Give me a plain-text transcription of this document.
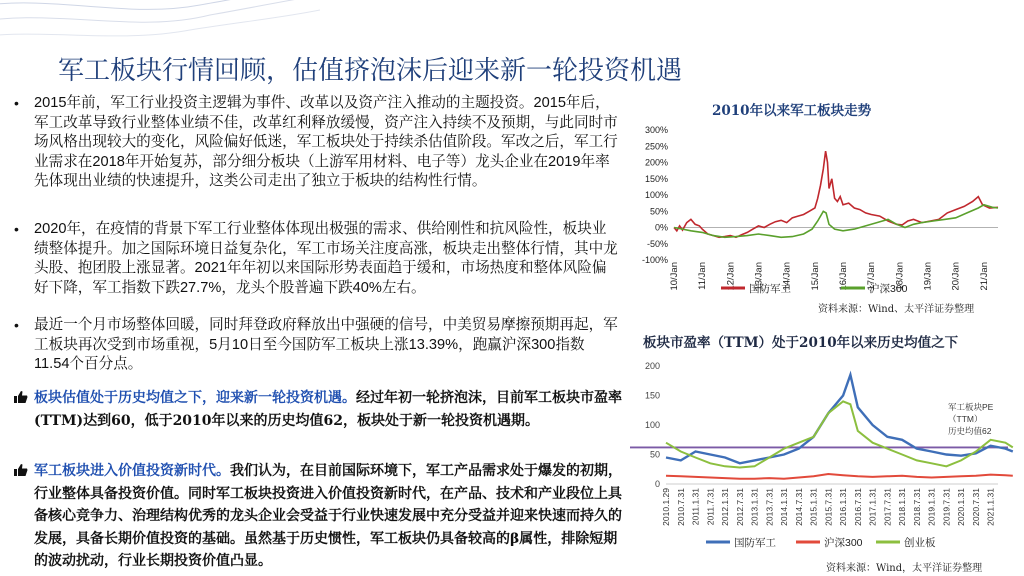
军工板块行情回顾，估值挤泡沫后迎来新一轮投资机遇
•	2015年前，军工行业投资主逻辑为事件、改革以及资产注入推动的主题投资。2015年后，军工改革导致行业整体业绩不佳，改革红利释放缓慢，资产注入持续不及预期，与此同时市场风格出现较大的变化，风险偏好低迷，军工板块处于持续杀估值阶段。军改之后，军工行业需求在2018年开始复苏，部分细分板块（上游军用材料、电子等）龙头企业在2019年率先体现出业绩的快速提升，这类公司走出了独立于板块的结构性行情。
•	2020年，在疫情的背景下军工行业整体体现出极强的需求、供给刚性和抗风险性，板块业绩整体提升。加之国际环境日益复杂化，军工市场关注度高涨，板块走出整体行情，其中龙头股、抱团股上涨显著。2021年年初以来国际形势表面趋于缓和，市场热度和整体风险偏好下降，军工指数下跌27.7%，龙头个股普遍下跌40%左右。
•	最近一个月市场整体回暖，同时拜登政府释放出中强硬的信号，中美贸易摩擦预期再起，军工板块再次受到市场重视，5月10日至今国防军工板块上涨13.39%，跑赢沪深300指数11.54个百分点。
板块估值处于历史均值之下，迎来新一轮投资机遇。经过年初一轮挤泡沫，目前军工板块市盈率(TTM)达到60，低于2010年以来的历史均值62，板块处于新一轮投资机遇期。
军工板块进入价值投资新时代。我们认为，在目前国际环境下，军工产品需求处于爆发的初期，行业整体具备投资价值。同时军工板块投资进入价值投资新时代，在产品、技术和产业段位上具备核心竞争力、治理结构优秀的龙头企业会受益于行业快速发展中充分受益并迎来快速而持久的发展，具备长期价值投资的基础。虽然基于历史惯性，军工板块仍具备较高的β属性，排除短期的波动扰动，行业长期投资价值凸显。
2010年以来军工板块走势
300%
250%
200%
150%
100%
50%
0%
-50%
-100%
10/Jan 11/Jan 12/Jan 13/Jan 14/Jan 15/Jan 16/Jan 17/Jan 18/Jan 19/Jan 20/Jan 21/Jan
国防军工	沪深300
资料来源：Wind、太平洋证券整理
板块市盈率（TTM）处于2010年以来历史均值之下
200
150
100
50
0
2010.1.29 2010.7.31 2011.1.31 2011.7.31 2012.1.31 2012.7.31 2013.1.31 2013.7.31 2014.1.31 2014.7.31 2015.1.31 2015.7.31 2016.1.31 2016.7.31 2017.1.31 2017.7.31 2018.1.31 2018.7.31 2019.1.31 2019.7.31 2020.1.31 2020.7.31 2021.1.31
军工板块PE
（TTM）
历史均值62
国防军工	沪深300	创业板
资料来源：Wind，太平洋证券整理
